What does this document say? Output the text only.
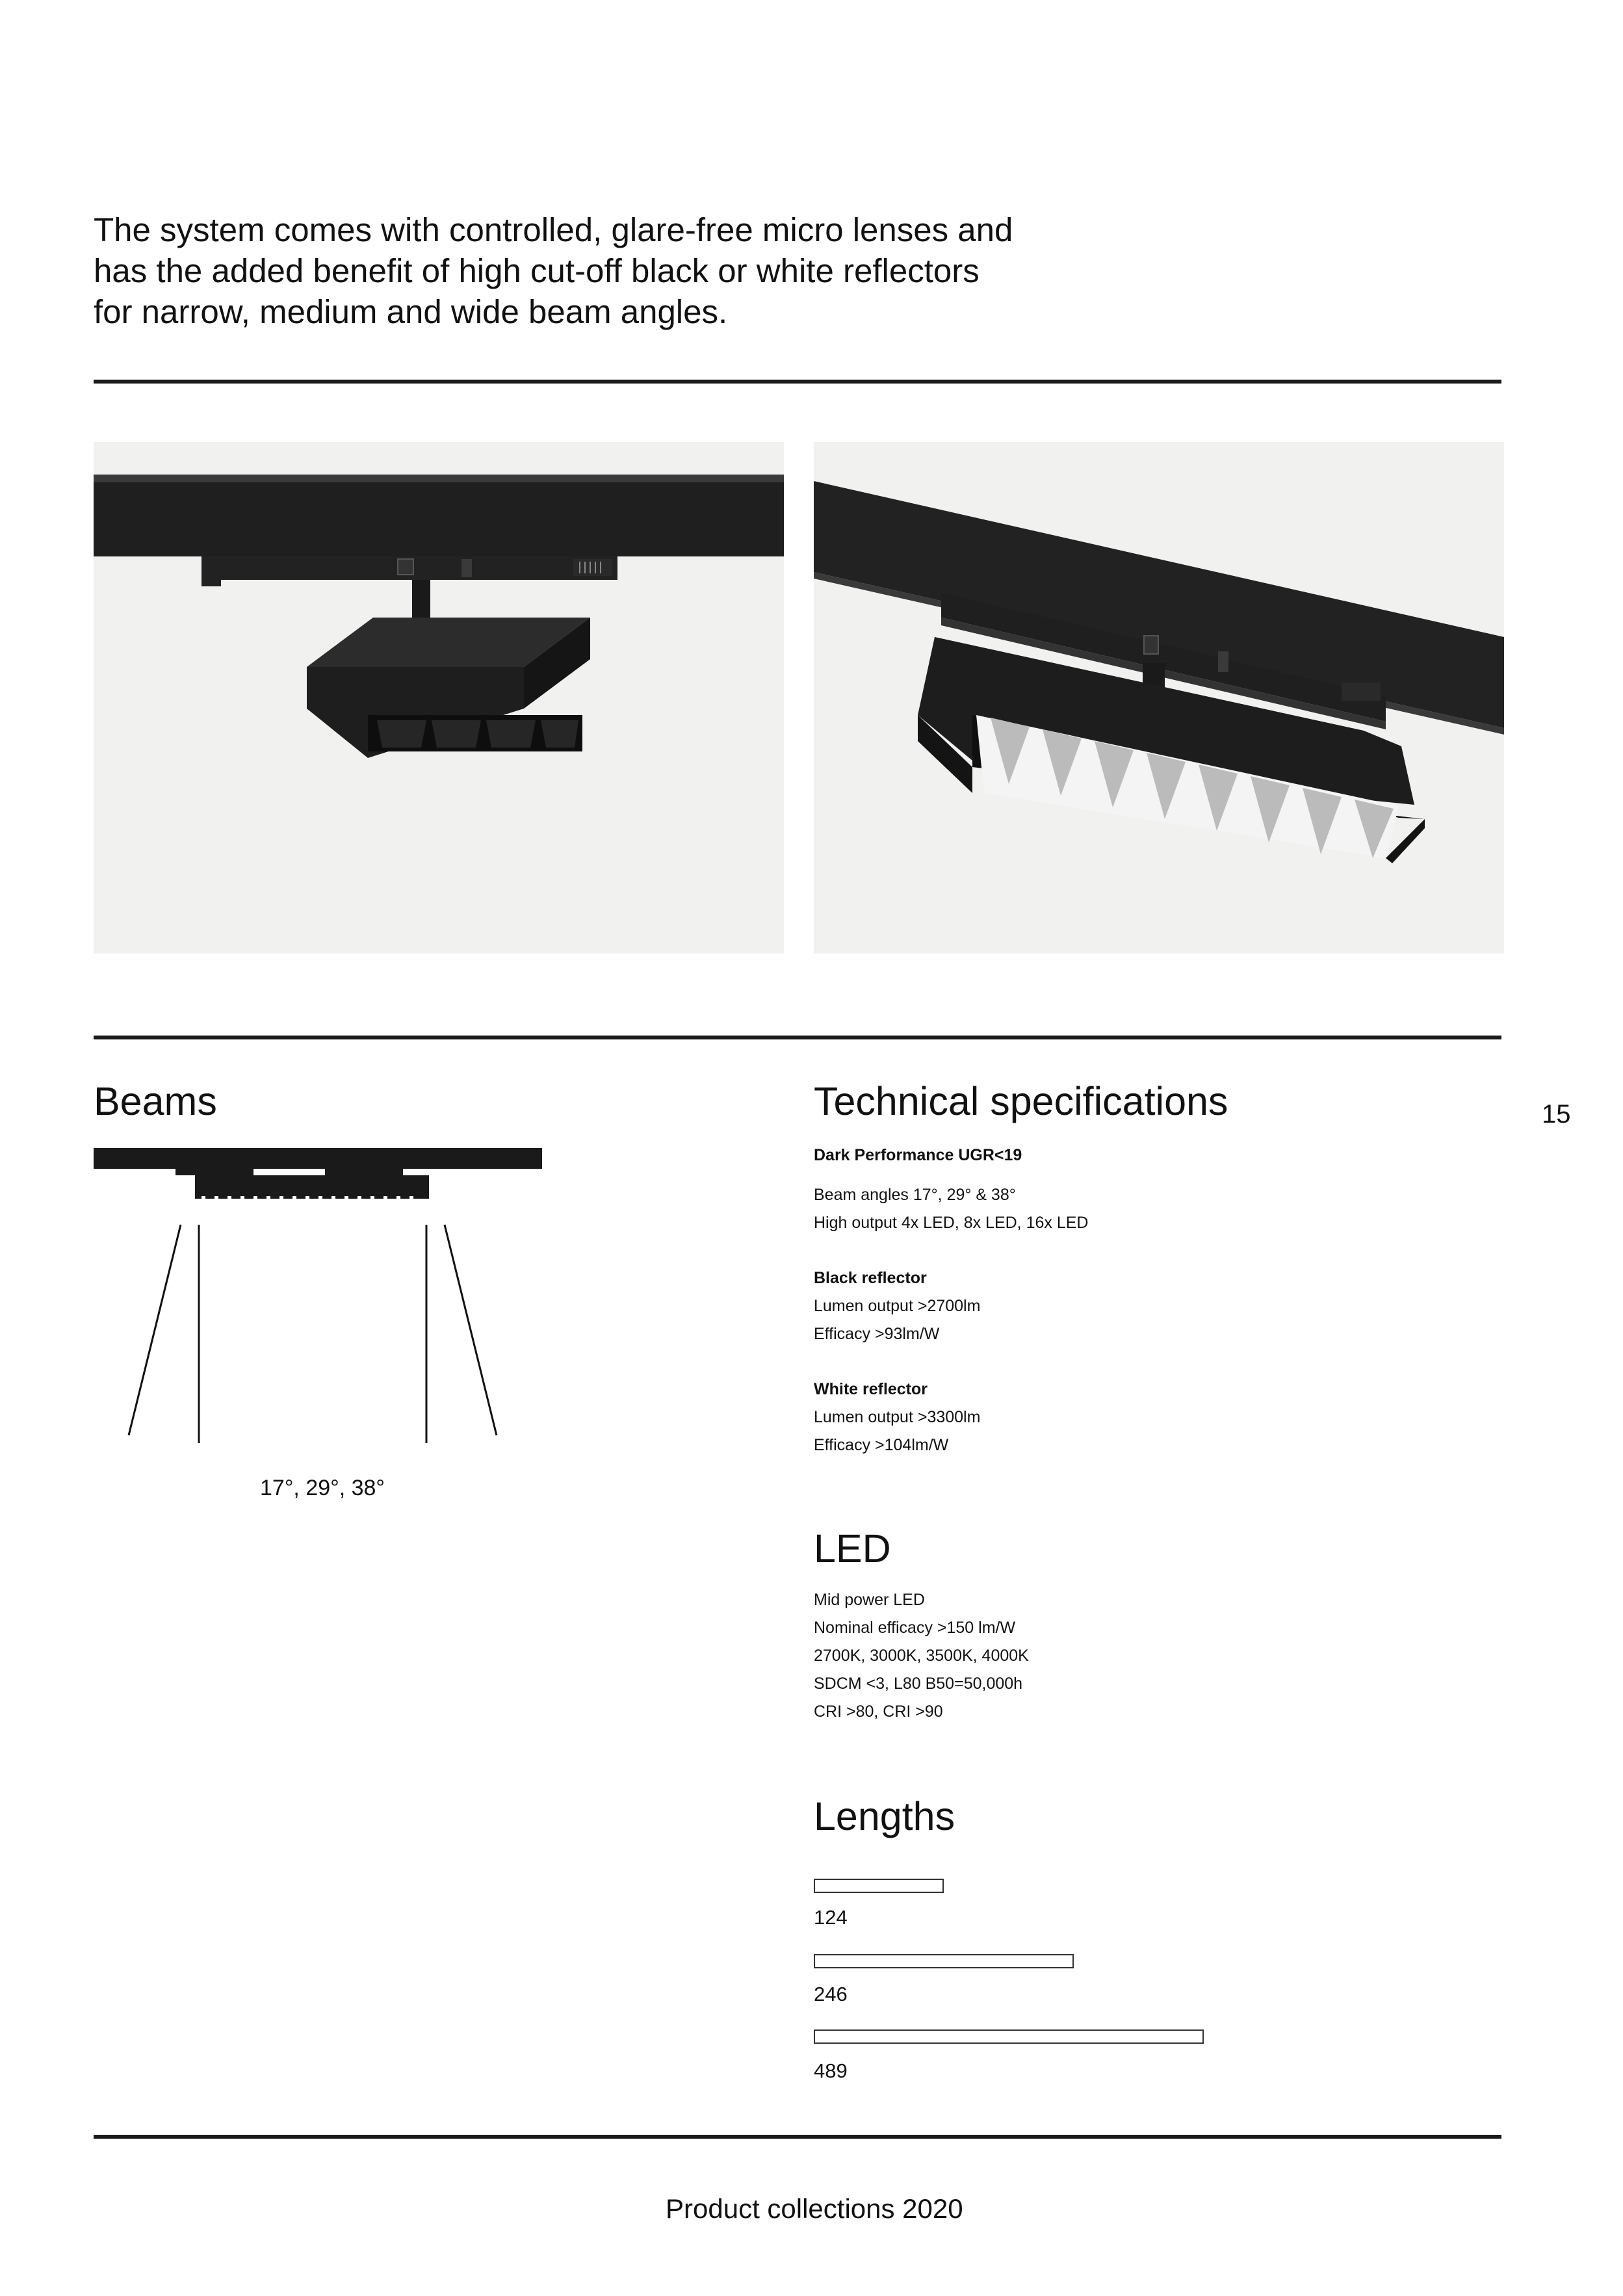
The system comes with controlled, glare-free micro lenses and
has the added benefit of high cut-off black or white reflectors
for narrow, medium and wide beam angles.
Beams
17°, 29°, 38°
Technical specifications
Dark Performance UGR<19
Beam angles 17°, 29° & 38°
High output 4x LED, 8x LED, 16x LED
Black reflector
Lumen output >2700lm
Efficacy >93lm/W
White reflector
Lumen output >3300lm
Efficacy >104lm/W
15
LED
Mid power LED
Nominal efficacy >150 lm/W
2700K, 3000K, 3500K, 4000K
SDCM <3, L80 B50=50,000h
CRI >80, CRI >90
Lengths
124
246
489
Product collections 2020
